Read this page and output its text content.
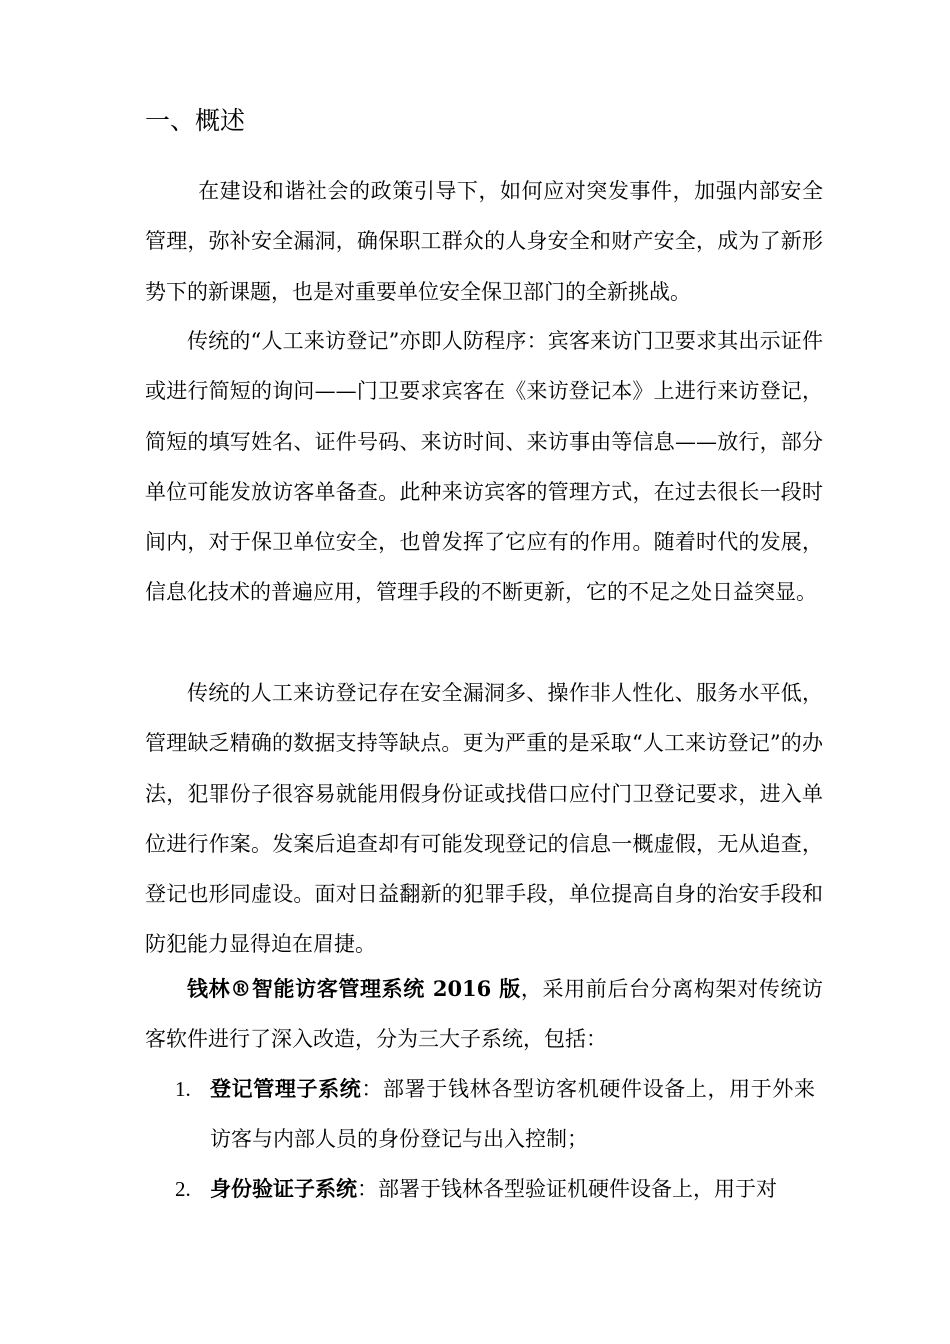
一、概述

在建设和谐社会的政策引导下，如何应对突发事件，加强内部安全管理，弥补安全漏洞，确保职工群众的人身安全和财产安全，成为了新形势下的新课题，也是对重要单位安全保卫部门的全新挑战。

传统的“人工来访登记”亦即人防程序：宾客来访门卫要求其出示证件或进行简短的询问——门卫要求宾客在《来访登记本》上进行来访登记，简短的填写姓名、证件号码、来访时间、来访事由等信息——放行，部分单位可能发放访客单备查。此种来访宾客的管理方式，在过去很长一段时间内，对于保卫单位安全，也曾发挥了它应有的作用。随着时代的发展，信息化技术的普遍应用，管理手段的不断更新，它的不足之处日益突显。

传统的人工来访登记存在安全漏洞多、操作非人性化、服务水平低，管理缺乏精确的数据支持等缺点。更为严重的是采取“人工来访登记”的办法，犯罪份子很容易就能用假身份证或找借口应付门卫登记要求，进入单位进行作案。发案后追查却有可能发现登记的信息一概虚假，无从追查，登记也形同虚设。面对日益翻新的犯罪手段，单位提高自身的治安手段和防犯能力显得迫在眉捷。

钱林®智能访客管理系统 2016 版，采用前后台分离构架对传统访客软件进行了深入改造，分为三大子系统，包括：

1. 登记管理子系统：部署于钱林各型访客机硬件设备上，用于外来访客与内部人员的身份登记与出入控制；

2. 身份验证子系统：部署于钱林各型验证机硬件设备上，用于对
